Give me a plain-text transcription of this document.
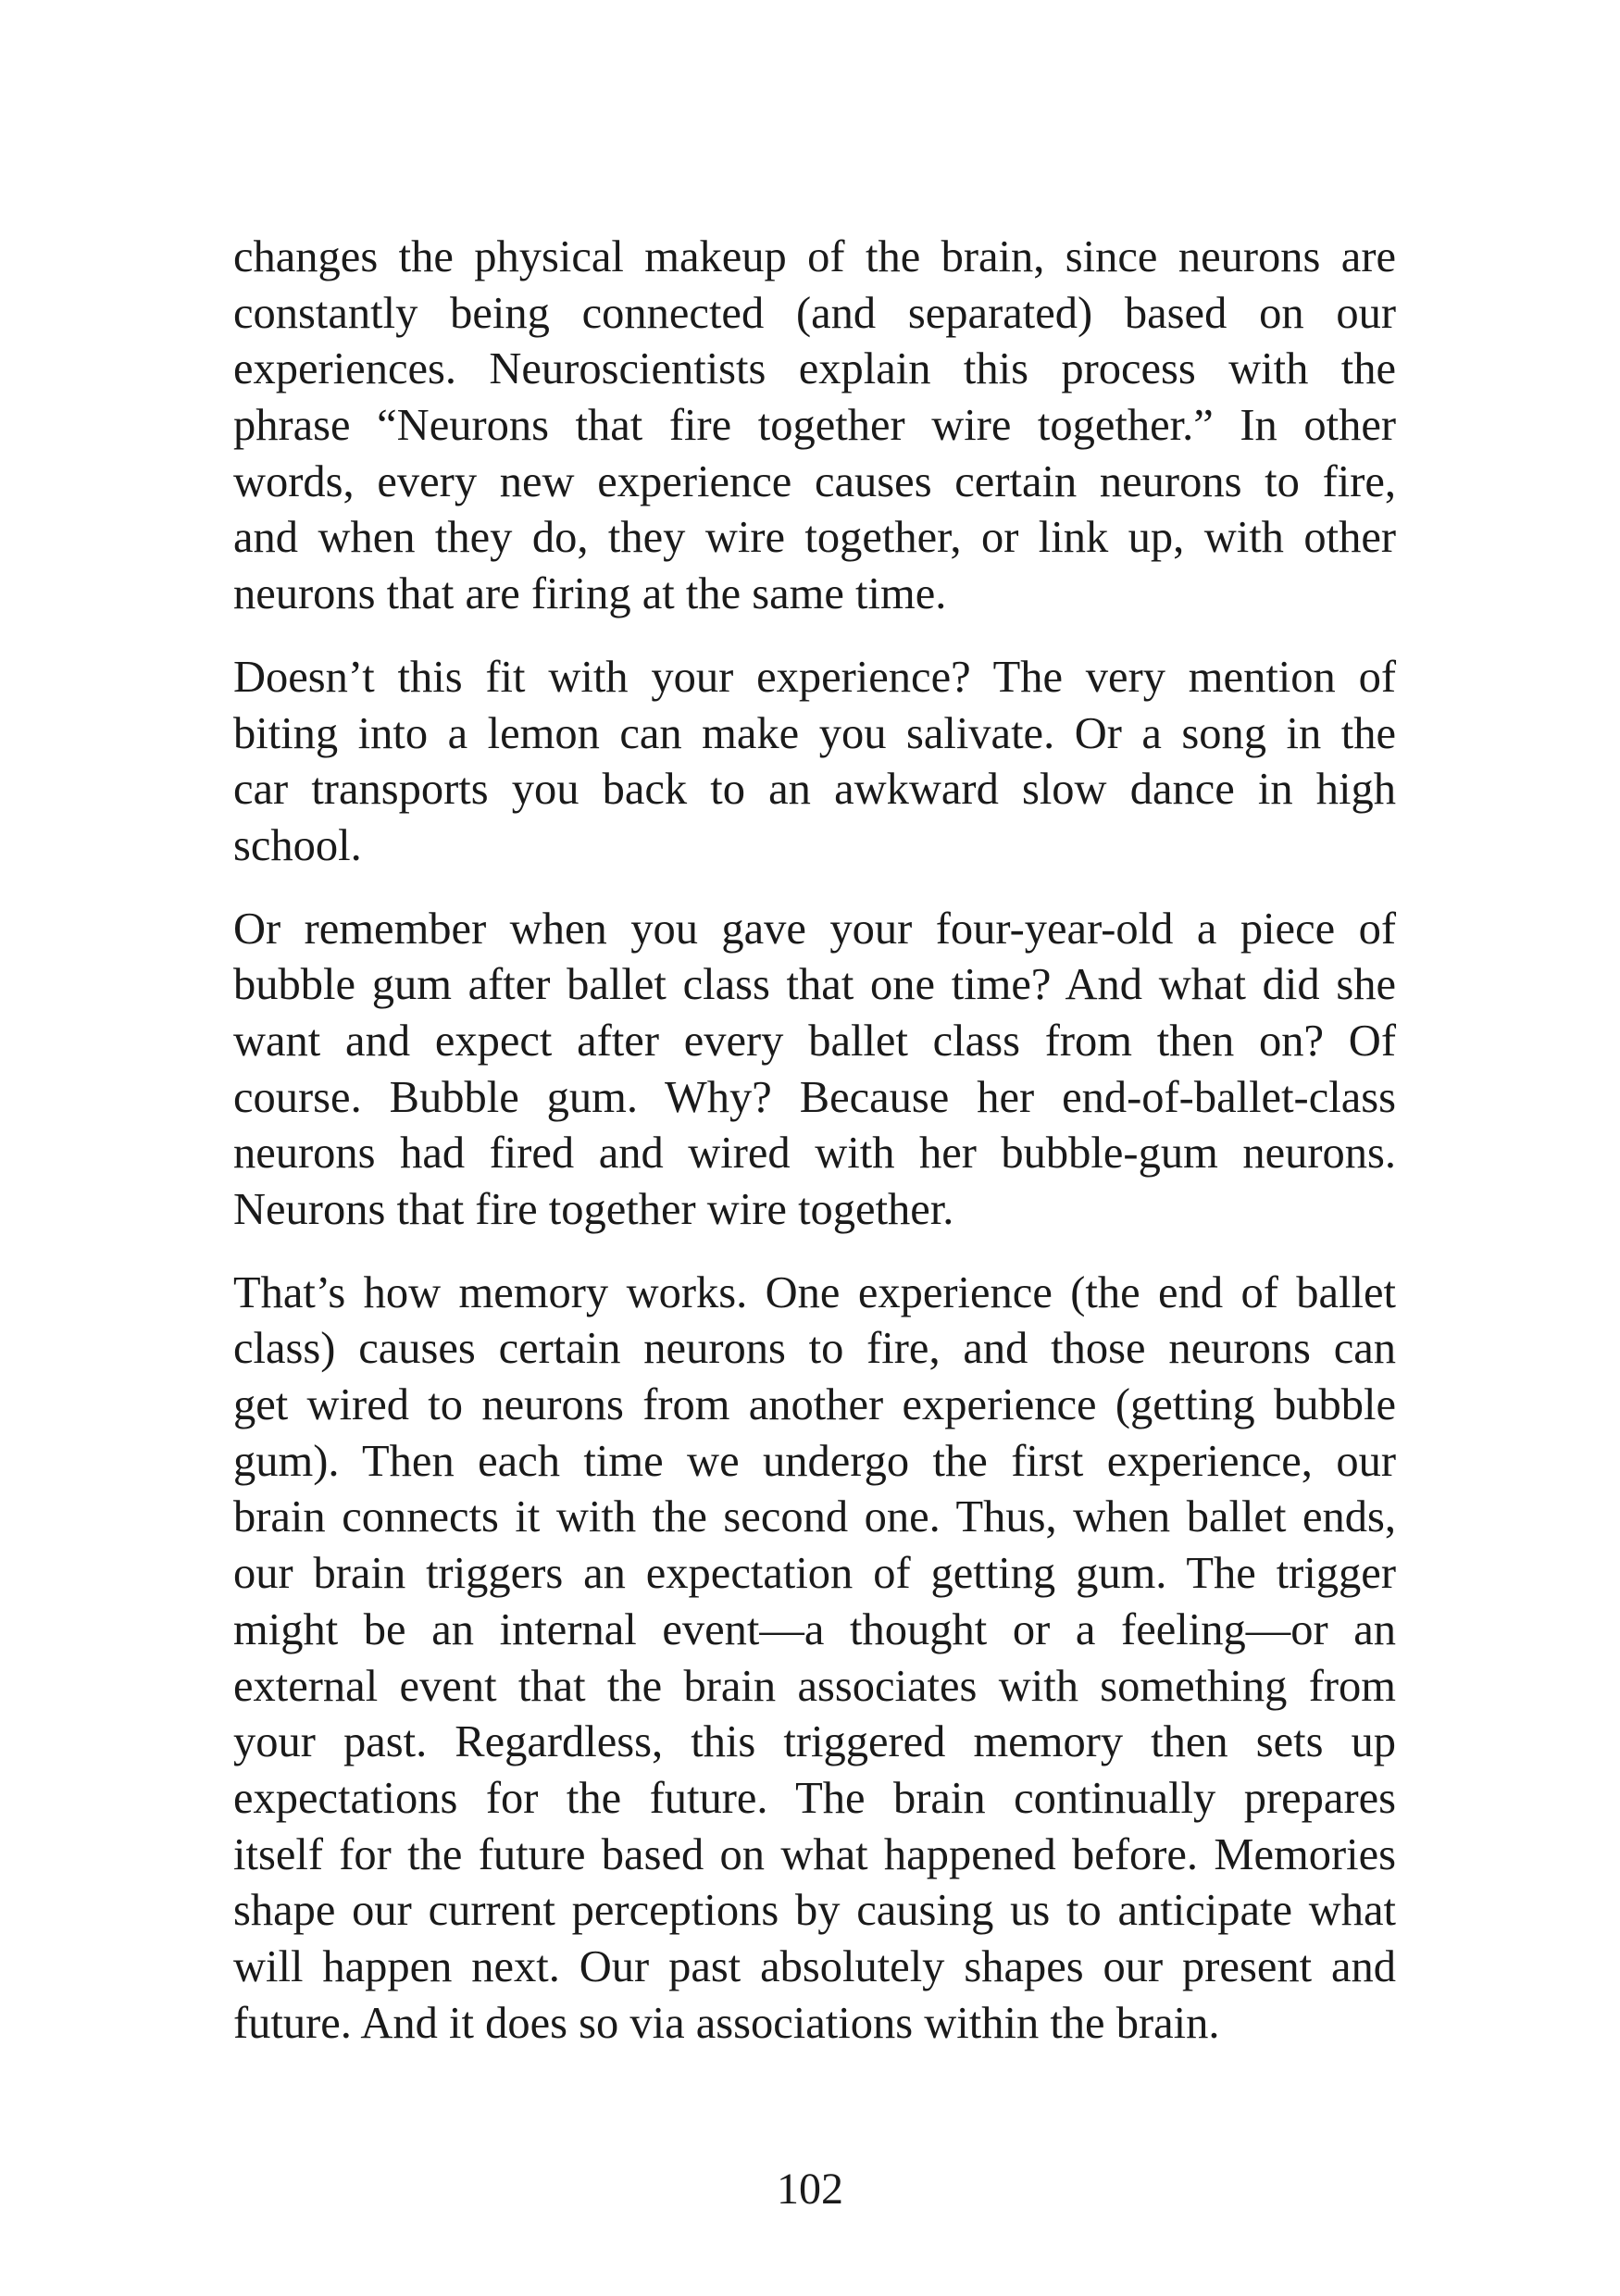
changes the physical makeup of the brain, since neurons are
constantly being connected (and separated) based on our
experiences. Neuroscientists explain this process with the
phrase “Neurons that fire together wire together.” In other
words, every new experience causes certain neurons to fire,
and when they do, they wire together, or link up, with other
neurons that are firing at the same time.

Doesn’t this fit with your experience? The very mention of
biting into a lemon can make you salivate. Or a song in the
car transports you back to an awkward slow dance in high
school.

Or remember when you gave your four-year-old a piece of
bubble gum after ballet class that one time? And what did she
want and expect after every ballet class from then on? Of
course. Bubble gum. Why? Because her end-of-ballet-class
neurons had fired and wired with her bubble-gum neurons.
Neurons that fire together wire together.

That’s how memory works. One experience (the end of ballet
class) causes certain neurons to fire, and those neurons can
get wired to neurons from another experience (getting bubble
gum). Then each time we undergo the first experience, our
brain connects it with the second one. Thus, when ballet ends,
our brain triggers an expectation of getting gum. The trigger
might be an internal event—a thought or a feeling—or an
external event that the brain associates with something from
your past. Regardless, this triggered memory then sets up
expectations for the future. The brain continually prepares
itself for the future based on what happened before. Memories
shape our current perceptions by causing us to anticipate what
will happen next. Our past absolutely shapes our present and
future. And it does so via associations within the brain.

102
